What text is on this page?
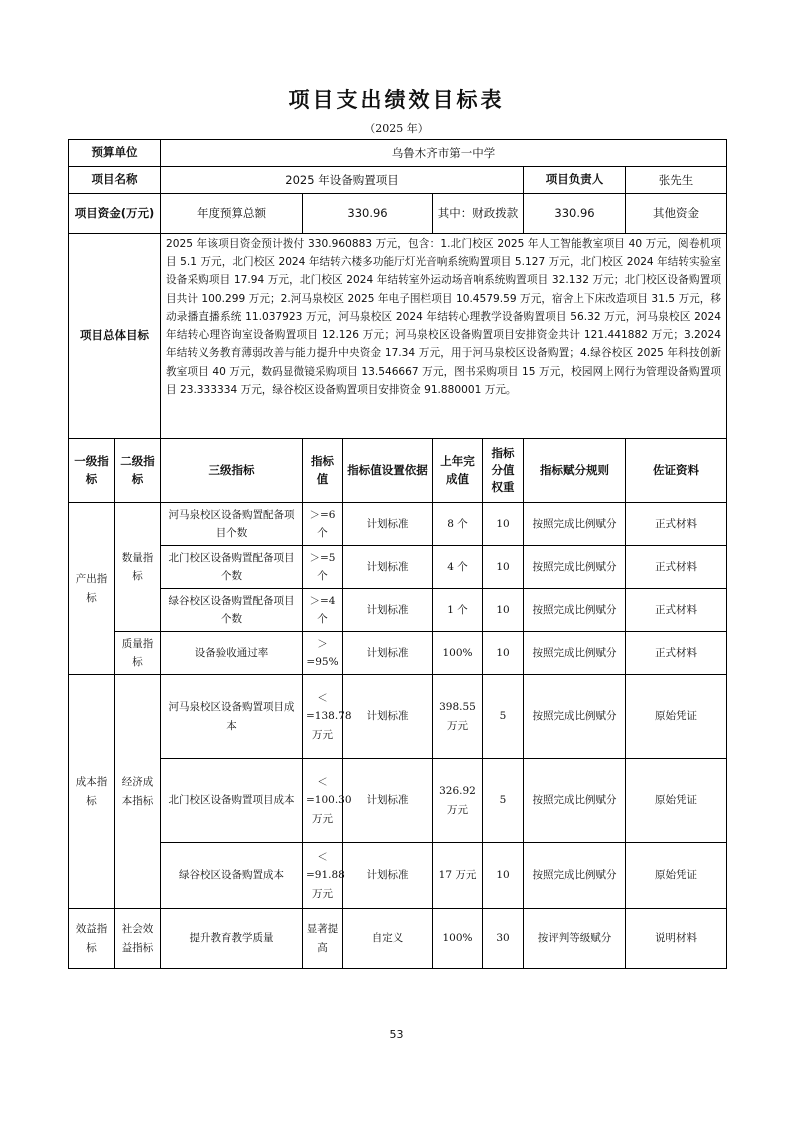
项目支出绩效目标表
（2025 年）
预算单位		乌鲁木齐市第一中学							
项目名称		2025 年设备购置项目					项目负责人	张先生	
项目资金(万元)		年度预算总额	330.96		其中：财政拨款		330.96	其他资金	
项目总体目标		2025 年该项目资金预计拨付 330.960883 万元，包含：1.北门校区 2025 年人工智能教室项目 40 万元，阅卷机项目 5.1 万元，北门校区 2024 年结转六楼多功能厅灯光音响系统购置项目 5.127 万元，北门校区 2024 年结转实验室设备采购项目 17.94 万元，北门校区 2024 年结转室外运动场音响系统购置项目 32.132 万元；北门校区设备购置项目共计 100.299 万元；2.河马泉校区 2025 年电子围栏项目 10.4579.59 万元，宿舍上下床改造项目 31.5 万元，移动录播直播系统 11.037923 万元，河马泉校区 2024 年结转心理教学设备购置项目 56.32 万元，河马泉校区 2024 年结转心理咨询室设备购置项目 12.126 万元；河马泉校区设备购置项目安排资金共计 121.441882 万元；3.2024 年结转义务教育薄弱改善与能力提升中央资金 17.34 万元，用于河马泉校区设备购置；4.绿谷校区 2025 年科技创新教室项目 40 万元，数码显微镜采购项目 13.546667 万元，图书采购项目 15 万元，校园网上网行为管理设备购置项目 23.333334 万元，绿谷校区设备购置项目安排资金 91.880001 万元。							
一级指标	二级指标	三级指标	指标值	指标值设置依据	上年完成值	指标分值权重	指标赋分规则	佐证资料	
产出指标	数量指标	河马泉校区设备购置配备项目个数	＞=6个	计划标准	8 个	10	按照完成比例赋分	正式材料	
		北门校区设备购置配备项目个数	＞=5个	计划标准	4 个	10	按照完成比例赋分	正式材料	
		绿谷校区设备购置配备项目个数	＞=4个	计划标准	1 个	10	按照完成比例赋分	正式材料	
	质量指标	设备验收通过率	＞=95%	计划标准	100%	10	按照完成比例赋分	正式材料	
成本指标	经济成本指标	河马泉校区设备购置项目成本	＜=138.78万元	计划标准	398.55 万元	5	按照完成比例赋分	原始凭证	
		北门校区设备购置项目成本	＜=100.30万元	计划标准	326.92 万元	5	按照完成比例赋分	原始凭证	
		绿谷校区设备购置成本	＜=91.88 万元	计划标准	17 万元	10	按照完成比例赋分	原始凭证	
效益指标	社会效益指标	提升教育教学质量	显著提高	自定义	100%	30	按评判等级赋分	说明材料	
53
